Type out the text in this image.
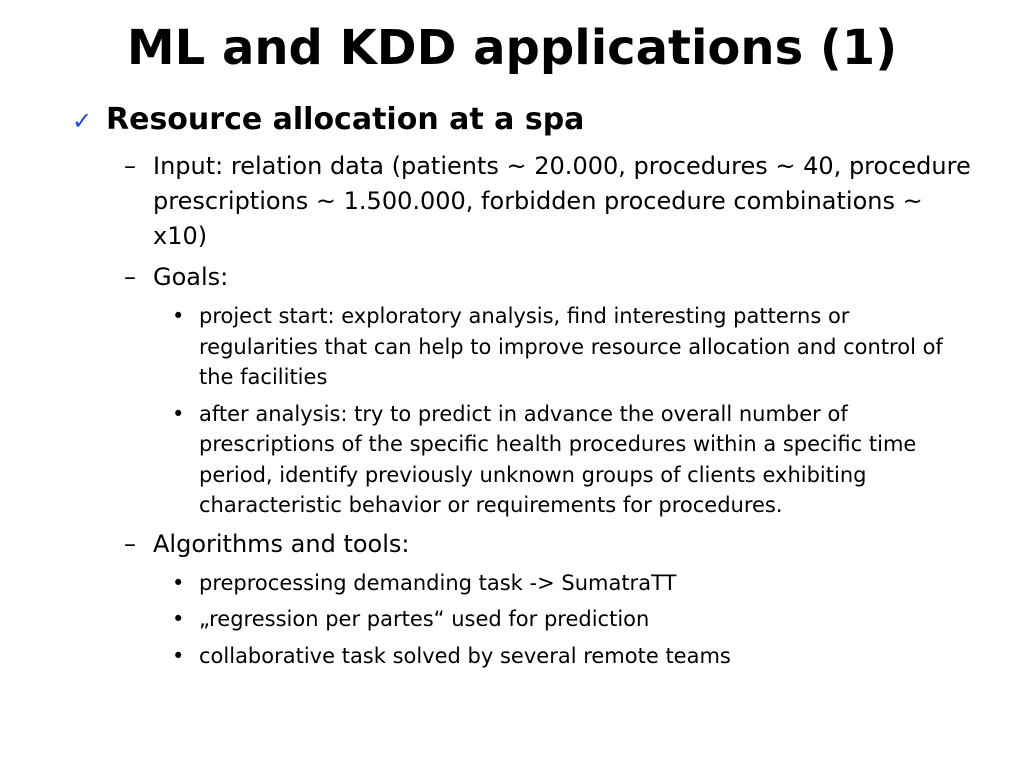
ML and KDD applications (1)
✓ Resource allocation at a spa
– Input: relation data (patients ~ 20.000, procedures ~ 40, procedure prescriptions ~ 1.500.000, forbidden procedure combinations ~ x10)
– Goals:
• project start: exploratory analysis, find interesting patterns or regularities that can help to improve resource allocation and control of the facilities
• after analysis: try to predict in advance the overall number of prescriptions of the specific health procedures within a specific time period, identify previously unknown groups of clients exhibiting characteristic behavior or requirements for procedures.
– Algorithms and tools:
• preprocessing demanding task -> SumatraTT
• „regression per partes“ used for prediction
• collaborative task solved by several remote teams
